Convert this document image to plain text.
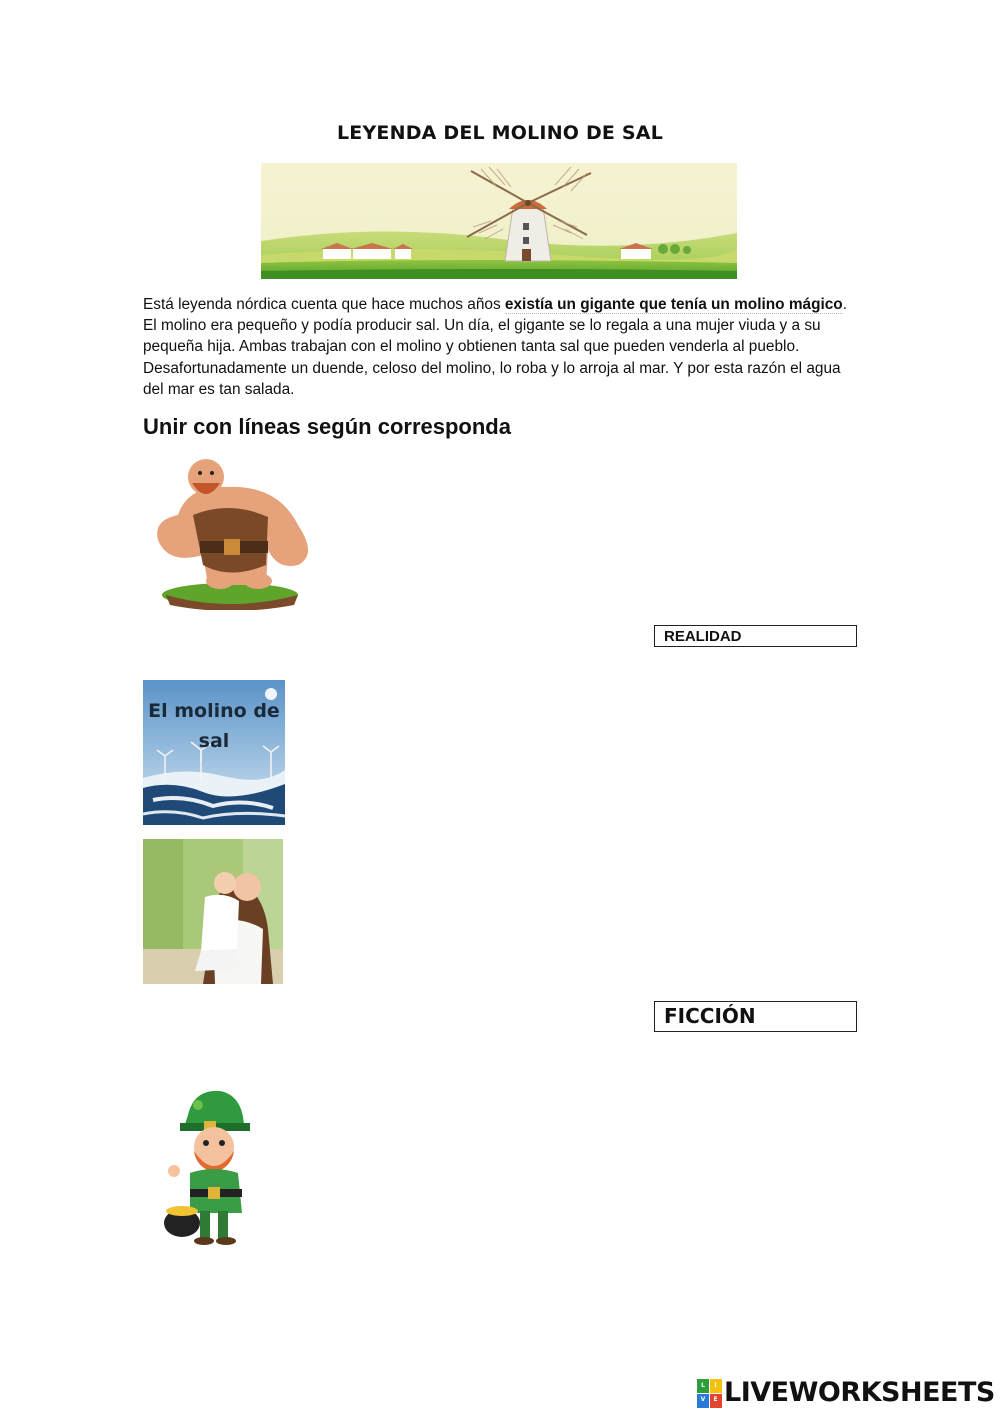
LEYENDA DEL MOLINO DE SAL
Está leyenda nórdica cuenta que hace muchos años existía un gigante que tenía un molino mágico. El molino era pequeño y podía producir sal. Un día, el gigante se lo regala a una mujer viuda y a su pequeña hija. Ambas trabajan con el molino y obtienen tanta sal que pueden venderla al pueblo. Desafortunadamente un duende, celoso del molino, lo roba y lo arroja al mar. Y por esta razón el agua del mar es tan salada.
Unir con líneas según corresponda
REALIDAD
El molino de
sal
FICCIÓN
L	I
V	E LIVEWORKSHEETS
